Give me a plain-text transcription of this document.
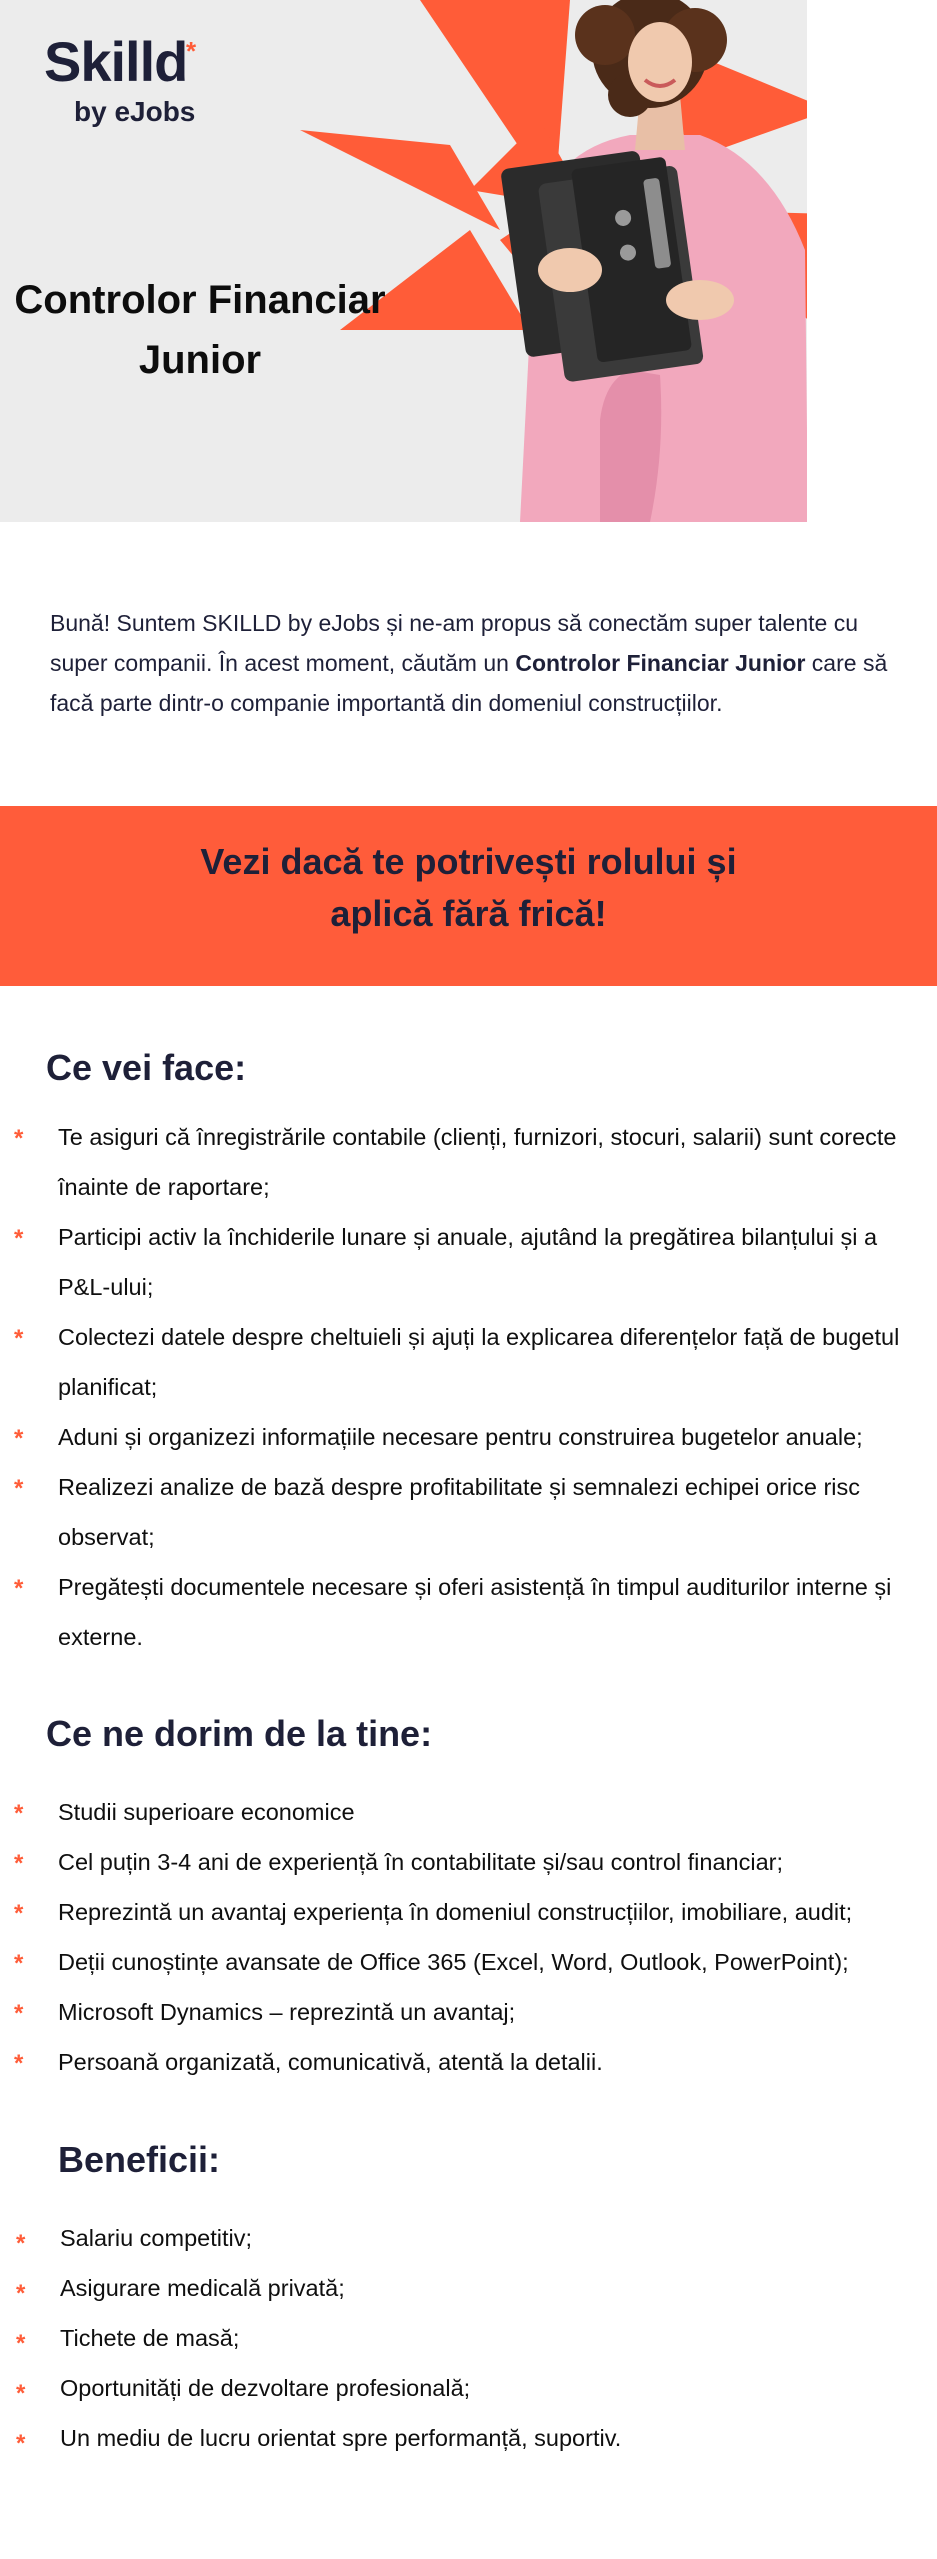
Skilld
*
by eJobs
Controlor Financiar
Junior

Bună! Suntem SKILLD by eJobs și ne-am propus să conectăm super talente cu super companii. În acest moment, căutăm un Controlor Financiar Junior care să facă parte dintr-o companie importantă din domeniul construcțiilor.

Vezi dacă te potrivești rolului și
aplică fără frică!
Ce vei face:
* Te asiguri că înregistrările contabile (clienți, furnizori, stocuri, salarii) sunt corecte înainte de raportare;
* Participi activ la închiderile lunare și anuale, ajutând la pregătirea bilanțului și a P&L-ului;
* Colectezi datele despre cheltuieli și ajuți la explicarea diferențelor față de bugetul planificat;
* Aduni și organizezi informațiile necesare pentru construirea bugetelor anuale;
* Realizezi analize de bază despre profitabilitate și semnalezi echipei orice risc observat;
* Pregătești documentele necesare și oferi asistență în timpul auditurilor interne și externe.
Ce ne dorim de la tine:
* Studii superioare economice
* Cel puțin 3-4 ani de experiență în contabilitate și/sau control financiar;
* Reprezintă un avantaj experiența în domeniul construcțiilor, imobiliare, audit;
* Deții cunoștințe avansate de Office 365 (Excel, Word, Outlook, PowerPoint);
* Microsoft Dynamics – reprezintă un avantaj;
* Persoană organizată, comunicativă, atentă la detalii.
Beneficii:
* Salariu competitiv;
* Asigurare medicală privată;
* Tichete de masă;
* Oportunități de dezvoltare profesională;
* Un mediu de lucru orientat spre performanță, suportiv.
